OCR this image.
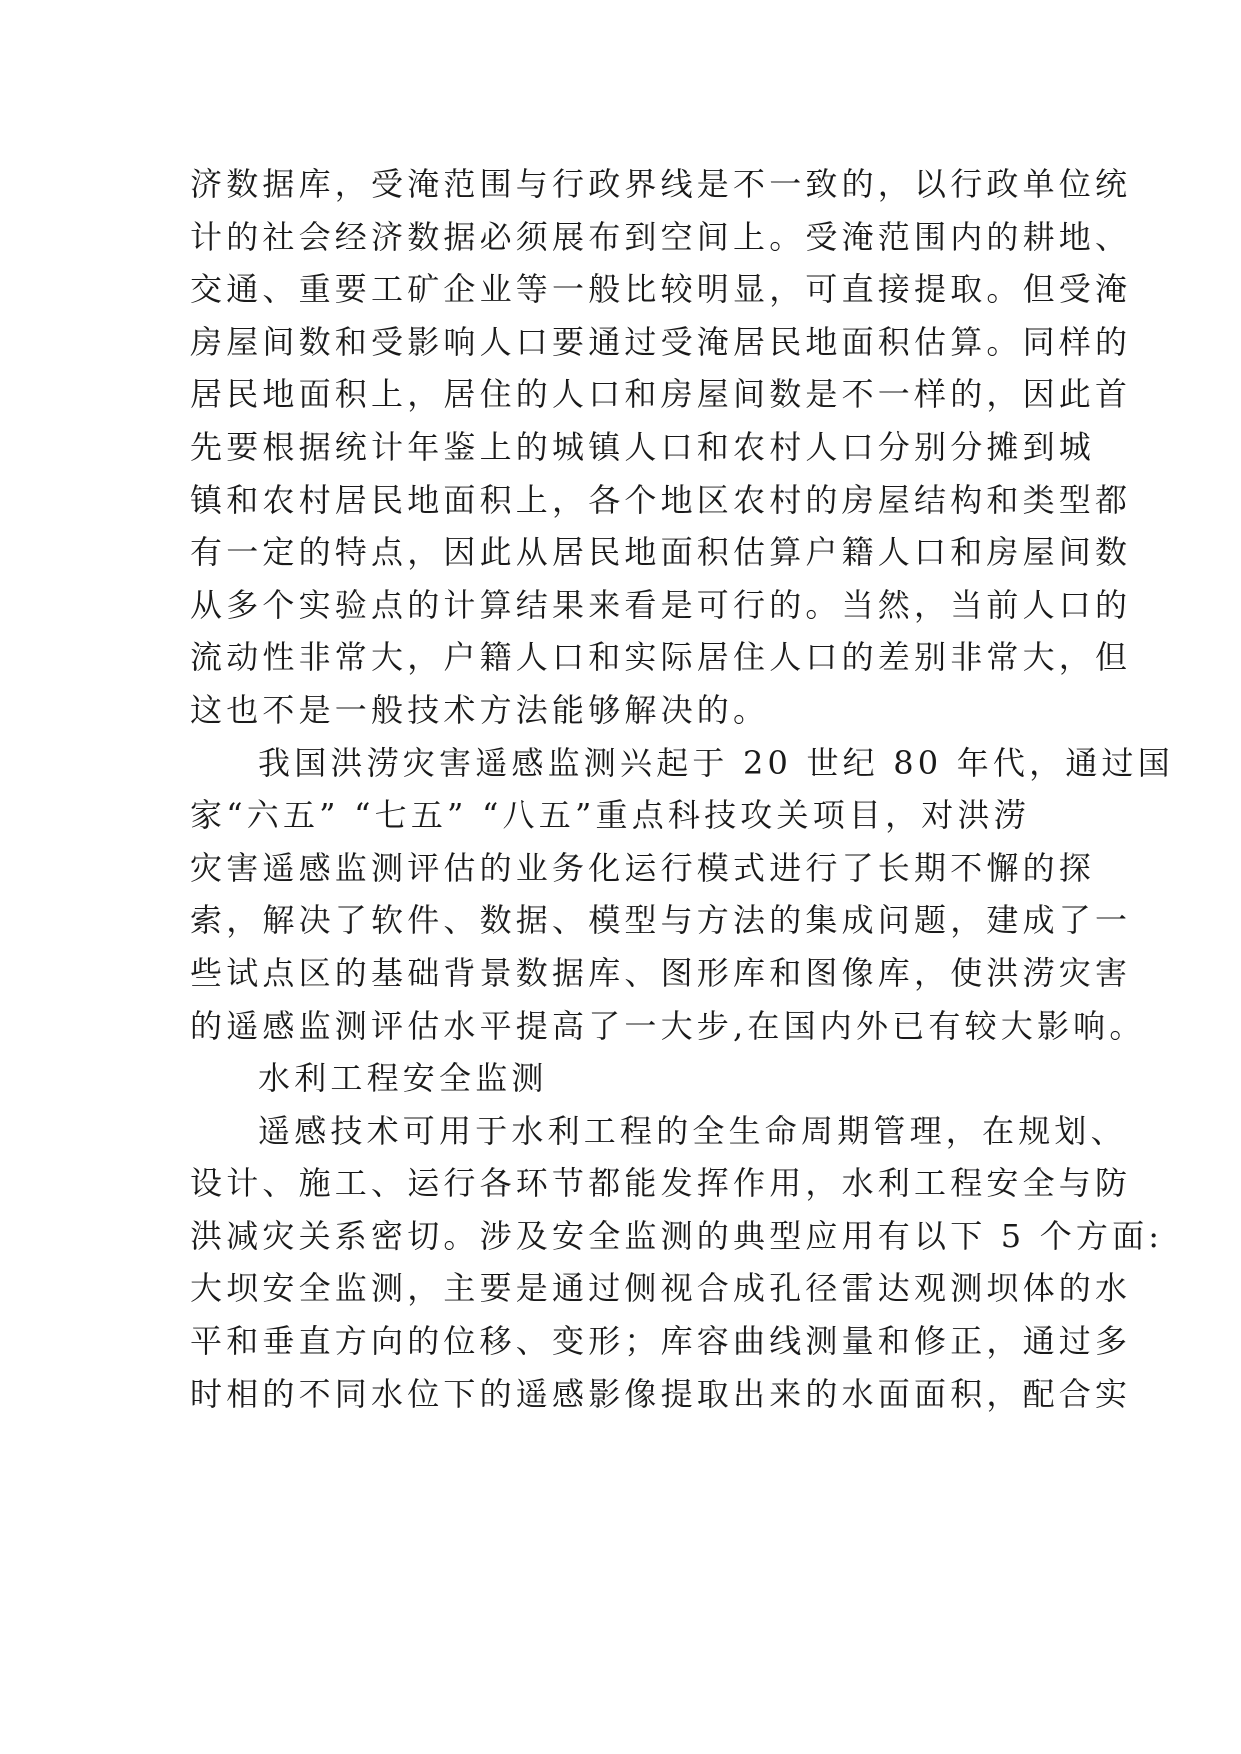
济数据库，受淹范围与行政界线是不一致的，以行政单位统
计的社会经济数据必须展布到空间上。受淹范围内的耕地、
交通、重要工矿企业等一般比较明显，可直接提取。但受淹
房屋间数和受影响人口要通过受淹居民地面积估算。同样的
居民地面积上，居住的人口和房屋间数是不一样的，因此首
先要根据统计年鉴上的城镇人口和农村人口分别分摊到城
镇和农村居民地面积上，各个地区农村的房屋结构和类型都
有一定的特点，因此从居民地面积估算户籍人口和房屋间数
从多个实验点的计算结果来看是可行的。当然，当前人口的
流动性非常大，户籍人口和实际居住人口的差别非常大，但
这也不是一般技术方法能够解决的。
我国洪涝灾害遥感监测兴起于 20 世纪 80 年代，通过国
家“六五” “七五” “八五”重点科技攻关项目，对洪涝
灾害遥感监测评估的业务化运行模式进行了长期不懈的探
索，解决了软件、数据、模型与方法的集成问题，建成了一
些试点区的基础背景数据库、图形库和图像库，使洪涝灾害
的遥感监测评估水平提高了一大步,在国内外已有较大影响。
水利工程安全监测
遥感技术可用于水利工程的全生命周期管理，在规划、
设计、施工、运行各环节都能发挥作用，水利工程安全与防
洪减灾关系密切。涉及安全监测的典型应用有以下 5 个方面:
大坝安全监测，主要是通过侧视合成孔径雷达观测坝体的水
平和垂直方向的位移、变形；库容曲线测量和修正，通过多
时相的不同水位下的遥感影像提取出来的水面面积，配合实
